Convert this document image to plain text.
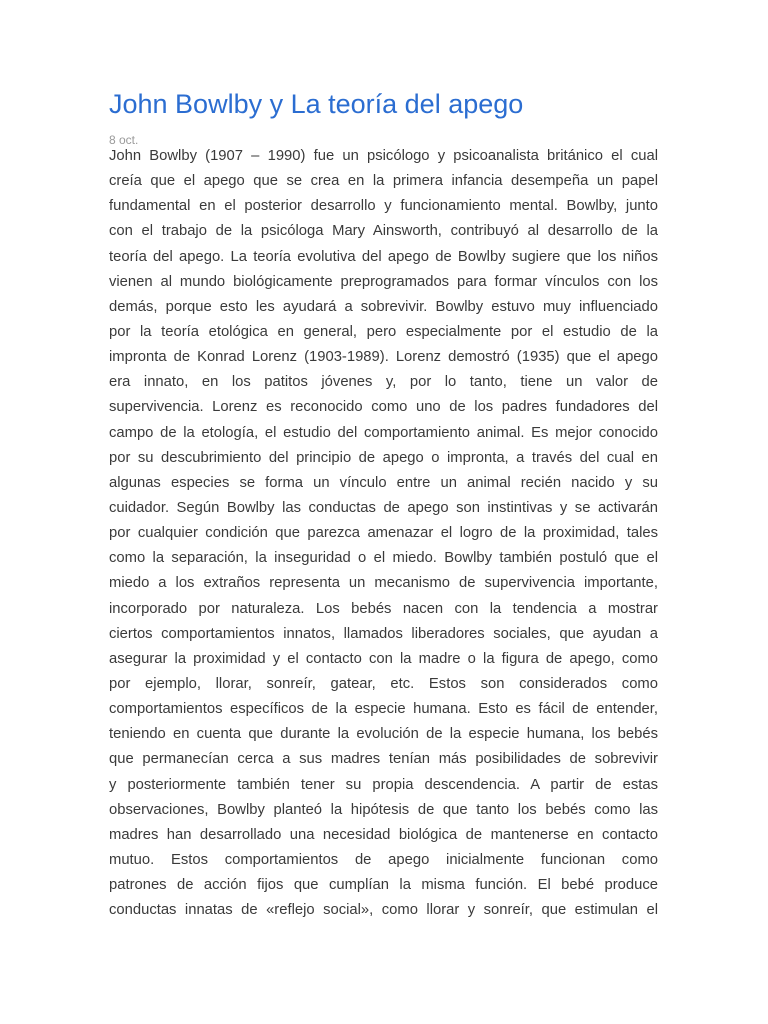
John Bowlby y La teoría del apego
8 oct.
John Bowlby (1907 – 1990) fue un psicólogo y psicoanalista británico el cual
creía que el apego que se crea en la primera infancia desempeña un papel
fundamental en el posterior desarrollo y funcionamiento mental. Bowlby, junto
con el trabajo de la psicóloga Mary Ainsworth, contribuyó al desarrollo de la
teoría del apego. La teoría evolutiva del apego de Bowlby sugiere que los niños
vienen al mundo biológicamente preprogramados para formar vínculos con los
demás, porque esto les ayudará a sobrevivir. Bowlby estuvo muy influenciado
por la teoría etológica en general, pero especialmente por el estudio de la
impronta de Konrad Lorenz (1903-1989). Lorenz demostró (1935) que el apego
era innato, en los patitos jóvenes y, por lo tanto, tiene un valor de
supervivencia. Lorenz es reconocido como uno de los padres fundadores del
campo de la etología, el estudio del comportamiento animal. Es mejor conocido
por su descubrimiento del principio de apego o impronta, a través del cual en
algunas especies se forma un vínculo entre un animal recién nacido y su
cuidador. Según Bowlby las conductas de apego son instintivas y se activarán
por cualquier condición que parezca amenazar el logro de la proximidad, tales
como la separación, la inseguridad o el miedo. Bowlby también postuló que el
miedo a los extraños representa un mecanismo de supervivencia importante,
incorporado por naturaleza. Los bebés nacen con la tendencia a mostrar
ciertos comportamientos innatos, llamados liberadores sociales, que ayudan a
asegurar la proximidad y el contacto con la madre o la figura de apego, como
por ejemplo, llorar, sonreír, gatear, etc. Estos son considerados como
comportamientos específicos de la especie humana. Esto es fácil de entender,
teniendo en cuenta que durante la evolución de la especie humana, los bebés
que permanecían cerca a sus madres tenían más posibilidades de sobrevivir
y posteriormente también tener su propia descendencia. A partir de estas
observaciones, Bowlby planteó la hipótesis de que tanto los bebés como las
madres han desarrollado una necesidad biológica de mantenerse en contacto
mutuo. Estos comportamientos de apego inicialmente funcionan como
patrones de acción fijos que cumplían la misma función. El bebé produce
conductas innatas de «reflejo social», como llorar y sonreír, que estimulan el
